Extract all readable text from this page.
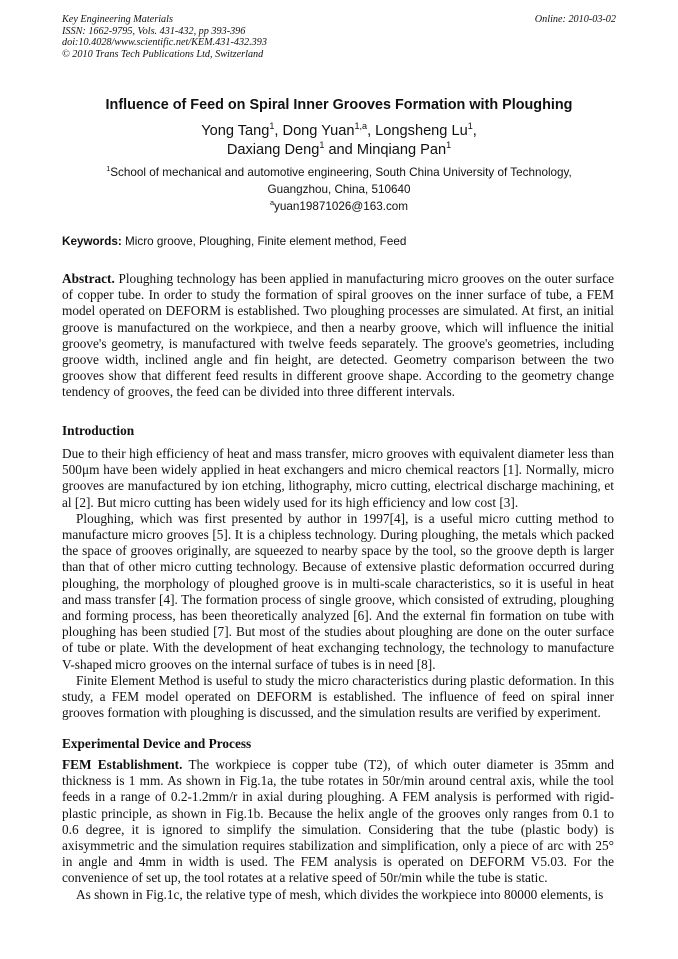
Key Engineering Materials
ISSN: 1662-9795, Vols. 431-432, pp 393-396
doi:10.4028/www.scientific.net/KEM.431-432.393
© 2010 Trans Tech Publications Ltd, Switzerland
Online: 2010-03-02
Influence of Feed on Spiral Inner Grooves Formation with Ploughing
Yong Tang$^1$, Dong Yuan$^{1,a}$, Longsheng Lu$^1$,
Daxiang Deng$^1$ and Minqiang Pan$^1$
$^1$School of mechanical and automotive engineering, South China University of Technology,
Guangzhou, China, 510640
$^a$yuan19871026@163.com
Keywords: Micro groove, Ploughing, Finite element method, Feed

Abstract. Ploughing technology has been applied in manufacturing micro grooves on the outer surface of copper tube. In order to study the formation of spiral grooves on the inner surface of tube, a FEM model operated on DEFORM is established. Two ploughing processes are simulated. At first, an initial groove is manufactured on the workpiece, and then a nearby groove, which will influence the initial groove's geometry, is manufactured with twelve feeds separately. The groove's geometries, including groove width, inclined angle and fin height, are detected. Geometry comparison between the two grooves show that different feed results in different groove shape. According to the geometry change tendency of grooves, the feed can be divided into three different intervals.

Introduction

Due to their high efficiency of heat and mass transfer, micro grooves with equivalent diameter less than 500μm have been widely applied in heat exchangers and micro chemical reactors [1]. Normally, micro grooves are manufactured by ion etching, lithography, micro cutting, electrical discharge machining, et al [2]. But micro cutting has been widely used for its high efficiency and low cost [3].

Ploughing, which was first presented by author in 1997[4], is a useful micro cutting method to manufacture micro grooves [5]. It is a chipless technology. During ploughing, the metals which packed the space of grooves originally, are squeezed to nearby space by the tool, so the groove depth is larger than that of other micro cutting technology. Because of extensive plastic deformation occurred during ploughing, the morphology of ploughed groove is in multi-scale characteristics, so it is useful in heat and mass transfer [4]. The formation process of single groove, which consisted of extruding, ploughing and forming process, has been theoretically analyzed [6]. And the external fin formation on tube with ploughing has been studied [7]. But most of the studies about ploughing are done on the outer surface of tube or plate. With the development of heat exchanging technology, the technology to manufacture V-shaped micro grooves on the internal surface of tubes is in need [8].

Finite Element Method is useful to study the micro characteristics during plastic deformation. In this study, a FEM model operated on DEFORM is established. The influence of feed on spiral inner grooves formation with ploughing is discussed, and the simulation results are verified by experiment.

Experimental Device and Process

FEM Establishment. The workpiece is copper tube (T2), of which outer diameter is 35mm and thickness is 1 mm. As shown in Fig.1a, the tube rotates in 50r/min around central axis, while the tool feeds in a range of 0.2-1.2mm/r in axial during ploughing. A FEM analysis is performed with rigid-plastic principle, as shown in Fig.1b. Because the helix angle of the grooves only ranges from 0.1 to 0.6 degree, it is ignored to simplify the simulation. Considering that the tube (plastic body) is axisymmetric and the simulation requires stabilization and simplification, only a piece of arc with 25° in angle and 4mm in width is used. The FEM analysis is operated on DEFORM V5.03. For the convenience of set up, the tool rotates at a relative speed of 50r/min while the tube is static.

As shown in Fig.1c, the relative type of mesh, which divides the workpiece into 80000 elements, is
